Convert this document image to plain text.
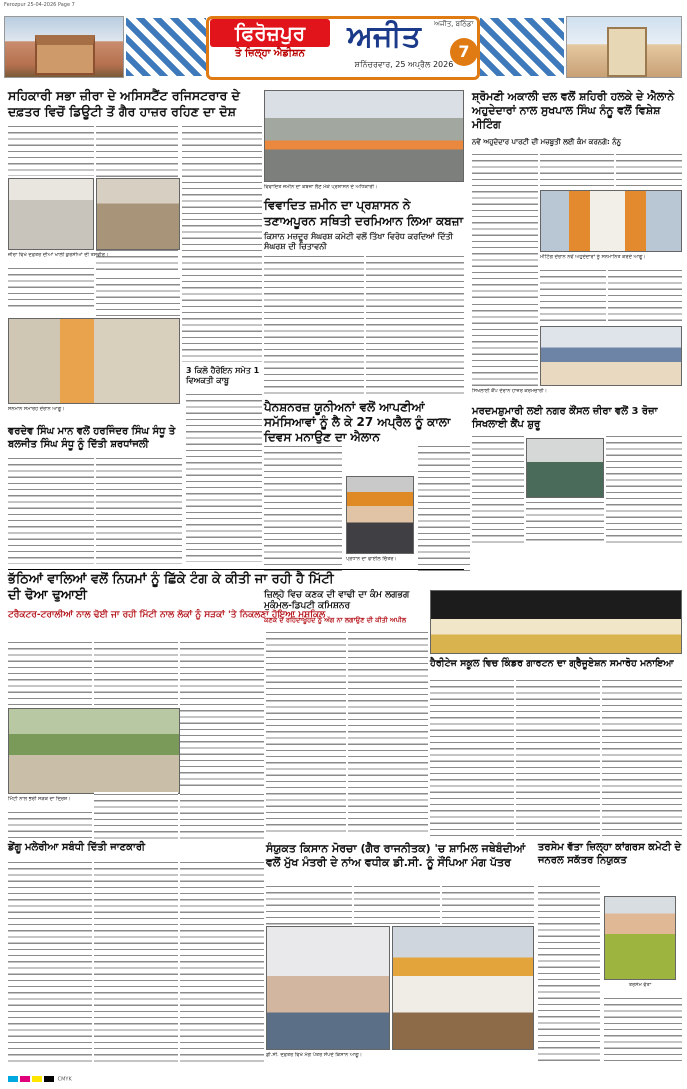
Ferozpur 25-04-2026 Page 7
ਫਿਰੋਜ਼ਪੁਰ
ਤੇ ਜ਼ਿਲ੍ਹਾ ਐਡੀਸ਼ਨ	ਅਜੀਤ	ਅਜੀਤ, ਬਠਿੰਡਾ
ਸ਼ਨਿੱਚਰਵਾਰ, 25 ਅਪ੍ਰੈਲ 2026
7
ਸਹਿਕਾਰੀ ਸਭਾ ਜ਼ੀਰਾ ਦੇ ਅਸਿਸਟੈਂਟ ਰਜਿਸਟਰਾਰ ਦੇ ਦਫ਼ਤਰ ਵਿਚੋਂ ਡਿਊਟੀ ਤੋਂ ਗੈਰ ਹਾਜ਼ਰ ਰਹਿਣ ਦਾ ਦੋਸ਼
ਜ਼ੀਰਾ ਵਿਖੇ ਦਫ਼ਤਰ ਦੀਆਂ ਖਾਲੀ ਕੁਰਸੀਆਂ ਦੀ ਤਸਵੀਰ।
ਸਨਮਾਨ ਸਮਾਰੋਹ ਦੌਰਾਨ ਆਗੂ।
3 ਕਿਲੋ ਹੈਰੋਇਨ ਸਮੇਤ 1 ਵਿਅਕਤੀ ਕਾਬੂ
ਵਰਦੇਵ ਸਿੰਘ ਮਾਨ ਵਲੋਂ ਹਰਜਿੰਦਰ ਸਿੰਘ ਸੰਧੂ ਤੇ ਬਲਜੀਤ ਸਿੰਘ ਸੰਧੂ ਨੂੰ ਦਿੱਤੀ ਸ਼ਰਧਾਂਜਲੀ
ਵਿਵਾਦਿਤ ਜ਼ਮੀਨ ਦਾ ਕਬਜ਼ਾ ਲੈਣ ਮੌਕੇ ਪ੍ਰਸ਼ਾਸਨ ਦੇ ਅਧਿਕਾਰੀ।
ਵਿਵਾਦਿਤ ਜ਼ਮੀਨ ਦਾ ਪ੍ਰਸ਼ਾਸਨ ਨੇ
ਤਣਾਅਪੂਰਨ ਸਥਿਤੀ ਦਰਮਿਆਨ ਲਿਆ ਕਬਜ਼ਾ
ਕਿਸਾਨ ਮਜ਼ਦੂਰ ਸੰਘਰਸ਼ ਕਮੇਟੀ ਵਲੋਂ ਤਿੱਖਾ ਵਿਰੋਧ ਕਰਦਿਆਂ ਦਿੱਤੀ ਸੰਘਰਸ਼ ਦੀ ਚਿਤਾਵਨੀ
ਸ਼੍ਰੋਮਣੀ ਅਕਾਲੀ ਦਲ ਵਲੋਂ ਸ਼ਹਿਰੀ ਹਲਕੇ ਦੇ ਐਲਾਨੇ ਅਹੁਦੇਦਾਰਾਂ ਨਾਲ ਸੁਖਪਾਲ ਸਿੰਘ ਨੰਨੂ ਵਲੋਂ ਵਿਸ਼ੇਸ਼ ਮੀਟਿੰਗ
ਨਵੇਂ ਅਹੁਦੇਦਾਰ ਪਾਰਟੀ ਦੀ ਮਜ਼ਬੂਤੀ ਲਈ ਕੰਮ ਕਰਨਗੇ: ਨੰਨੂ
ਮੀਟਿੰਗ ਦੌਰਾਨ ਨਵੇਂ ਅਹੁਦੇਦਾਰਾਂ ਨੂੰ ਸਨਮਾਨਿਤ ਕਰਦੇ ਆਗੂ।
ਸਿਖਲਾਈ ਕੈਂਪ ਦੌਰਾਨ ਹਾਜ਼ਰ ਕਰਮਚਾਰੀ।
ਮਰਦਮਸ਼ੁਮਾਰੀ ਲਈ ਨਗਰ ਕੌਂਸਲ ਜ਼ੀਰਾ ਵਲੋਂ 3 ਰੋਜ਼ਾ ਸਿਖਲਾਈ ਕੈਂਪ ਸ਼ੁਰੂ
ਪੈਨਸ਼ਨਰਜ਼ ਯੂਨੀਅਨਾਂ ਵਲੋਂ ਆਪਣੀਆਂ ਸਮੱਸਿਆਵਾਂ ਨੂੰ ਲੈ ਕੇ 27 ਅਪ੍ਰੈਲ ਨੂੰ ਕਾਲਾ ਦਿਵਸ ਮਨਾਉਣ ਦਾ ਐਲਾਨ
ਪ੍ਰਧਾਨ ਦਾ ਫਾਈਲ ਚਿੱਤਰ।
ਭੱਠਿਆਂ ਵਾਲਿਆਂ ਵਲੋਂ ਨਿਯਮਾਂ ਨੂੰ ਛਿੱਕੇ ਟੰਗ ਕੇ ਕੀਤੀ ਜਾ ਰਹੀ ਹੈ ਮਿੱਟੀ ਦੀ ਢੋਆ ਢੁਆਈ
ਟਰੈਕਟਰ-ਟਰਾਲੀਆਂ ਨਾਲ ਢੋਈ ਜਾ ਰਹੀ ਮਿੱਟੀ ਨਾਲ ਲੋਕਾਂ ਨੂੰ ਸੜਕਾਂ 'ਤੇ ਨਿਕਲਣਾ ਹੋਇਆ ਮੁਸ਼ਕਿਲ
ਮਿੱਟੀ ਨਾਲ ਭਰੀ ਸੜਕ ਦਾ ਦ੍ਰਿਸ਼।
ਜ਼ਿਲ੍ਹੇ ਵਿਚ ਕਣਕ ਦੀ ਵਾਢੀ ਦਾ ਕੰਮ ਲਗਭਗ ਮੁਕੰਮਲ-ਡਿਪਟੀ ਕਮਿਸ਼ਨਰ
ਕਣਕ ਦੇ ਰਹਿੰਦ-ਖੂੰਹਦ ਨੂੰ ਅੱਗ ਨਾ ਲਗਾਉਣ ਦੀ ਕੀਤੀ ਅਪੀਲ
ਹੈਰੀਟੇਜ ਸਕੂਲ ਵਿਚ ਕਿੰਡਰ ਗਾਰਟਨ ਦਾ ਗ੍ਰੈਜੂਏਸ਼ਨ ਸਮਾਰੋਹ ਮਨਾਇਆ
ਡੇਂਗੂ ਮਲੇਰੀਆ ਸਬੰਧੀ ਦਿੱਤੀ ਜਾਣਕਾਰੀ	ਸੰਯੁਕਤ ਕਿਸਾਨ ਮੋਰਚਾ (ਗੈਰ ਰਾਜਨੀਤਕ) 'ਚ ਸ਼ਾਮਿਲ ਜਥੇਬੰਦੀਆਂ ਵਲੋਂ ਮੁੱਖ ਮੰਤਰੀ ਦੇ ਨਾਂਅ ਵਧੀਕ ਡੀ.ਸੀ. ਨੂੰ ਸੌਂਪਿਆ ਮੰਗ ਪੱਤਰ
ਡੀ.ਸੀ. ਦਫ਼ਤਰ ਵਿਖੇ ਮੰਗ ਪੱਤਰ ਸੌਂਪਦੇ ਕਿਸਾਨ ਆਗੂ।
ਤਰਸੇਮ ਵੱਤਾ ਜ਼ਿਲ੍ਹਾ ਕਾਂਗਰਸ ਕਮੇਟੀ ਦੇ ਜਨਰਲ ਸਕੱਤਰ ਨਿਯੁਕਤ
ਤਰਸੇਮ ਵੱਤਾ
CMYK
